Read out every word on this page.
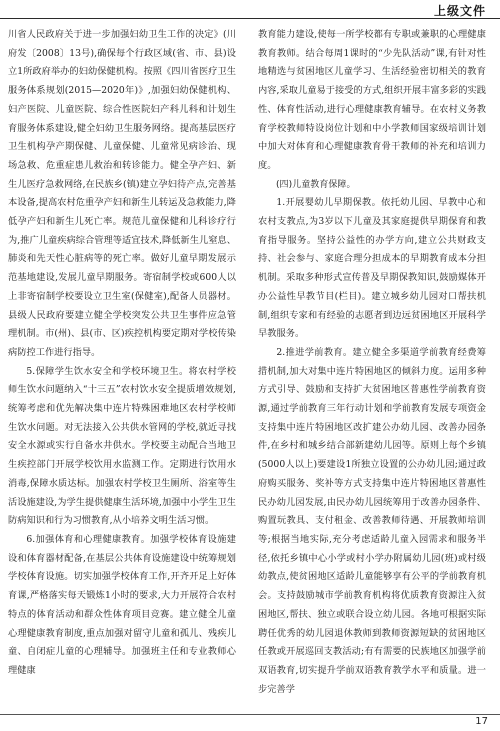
上级文件

川省人民政府关于进一步加强妇幼卫生工作的决定》(川府发〔2008〕13号),确保每个行政区域(省、市、县)设立1所政府举办的妇幼保健机构。按照《四川省医疗卫生服务体系规划(2015—2020年)》,加强妇幼保健机构、妇产医院、儿童医院、综合性医院妇产科儿科和计划生育服务体系建设,健全妇幼卫生服务网络。提高基层医疗卫生机构孕产期保健、儿童保健、儿童常见病诊治、现场急救、危重症患儿救治和转诊能力。健全孕产妇、新生儿医疗急救网络,在民族乡(镇)建立孕妇待产点,完善基本设备,提高农村危重孕产妇和新生儿转运及急救能力,降低孕产妇和新生儿死亡率。规范儿童保健和儿科诊疗行为,推广儿童疾病综合管理等适宜技术,降低新生儿窒息、肺炎和先天性心脏病等的死亡率。做好儿童早期发展示范基地建设,发展儿童早期服务。寄宿制学校或600人以上非寄宿制学校要设立卫生室(保健室),配备人员器材。县级人民政府要建立健全学校突发公共卫生事件应急管理机制。市(州)、县(市、区)疾控机构要定期对学校传染病防控工作进行指导。

5.保障学生饮水安全和学校环境卫生。将农村学校师生饮水问题纳入“十三五”农村饮水安全提质增效规划,统筹考虑和优先解决集中连片特殊困难地区农村学校师生饮水问题。对无法接入公共供水管网的学校,就近寻找安全水源或实行自备水井供水。学校要主动配合当地卫生疾控部门开展学校饮用水监测工作。定期进行饮用水消毒,保障水质达标。加强农村学校卫生厕所、浴室等生活设施建设,为学生提供健康生活环境,加强中小学生卫生防病知识和行为习惯教育,从小培养文明生活习惯。

6.加强体育和心理健康教育。加强学校体育设施建设和体育器材配备,在基层公共体育设施建设中统筹规划学校体育设施。切实加强学校体育工作,开齐开足上好体育课,严格落实每天锻炼1小时的要求,大力开展符合农村特点的体育活动和群众性体育项目竞赛。建立健全儿童心理健康教育制度,重点加强对留守儿童和孤儿、残疾儿童、自闭症儿童的心理辅导。加强班主任和专业教师心理健康

教育能力建设,使每一所学校都有专职或兼职的心理健康教育教师。结合每周1课时的“少先队活动”课,有针对性地精选与贫困地区儿童学习、生活经验密切相关的教育内容,采取儿童易于接受的方式,组织开展丰富多彩的实践性、体育性活动,进行心理健康教育辅导。在农村义务教育学校教师特设岗位计划和中小学教师国家级培训计划中加大对体育和心理健康教育骨干教师的补充和培训力度。

(四)儿童教育保障。

1.开展婴幼儿早期保教。依托幼儿园、早教中心和农村支教点,为3岁以下儿童及其家庭提供早期保育和教育指导服务。坚持公益性的办学方向,建立公共财政支持、社会参与、家庭合理分担成本的早期教育成本分担机制。采取多种形式宣传普及早期保教知识,鼓励媒体开办公益性早教节目(栏目)。建立城乡幼儿园对口帮扶机制,组织专家和有经验的志愿者到边远贫困地区开展科学早教服务。

2.推进学前教育。建立健全多渠道学前教育经费筹措机制,加大对集中连片特困地区的倾斜力度。运用多种方式引导、鼓励和支持扩大贫困地区普惠性学前教育资源,通过学前教育三年行动计划和学前教育发展专项资金支持集中连片特困地区改扩建公办幼儿园、改善办园条件,在乡村和城乡结合部新建幼儿园等。原则上每个乡镇(5000人以上)要建设1所独立设置的公办幼儿园;通过政府购买服务、奖补等方式支持集中连片特困地区普惠性民办幼儿园发展,由民办幼儿园统筹用于改善办园条件、购置玩教具、支付租金、改善教师待遇、开展教师培训等;根据当地实际,充分考虑适龄儿童入园需求和服务半径,依托乡镇中心小学或村小学办附属幼儿园(班)或村级幼教点,使贫困地区适龄儿童能够享有公平的学前教育机会。支持鼓励城市学前教育机构将优质教育资源注入贫困地区,帮扶、独立或联合设立幼儿园。各地可根据实际聘任优秀的幼儿园退休教师到教师资源短缺的贫困地区任教或开展巡回支教活动;有有需要的民族地区加强学前双语教育,切实提升学前双语教育教学水平和质量。进一步完善学

17
